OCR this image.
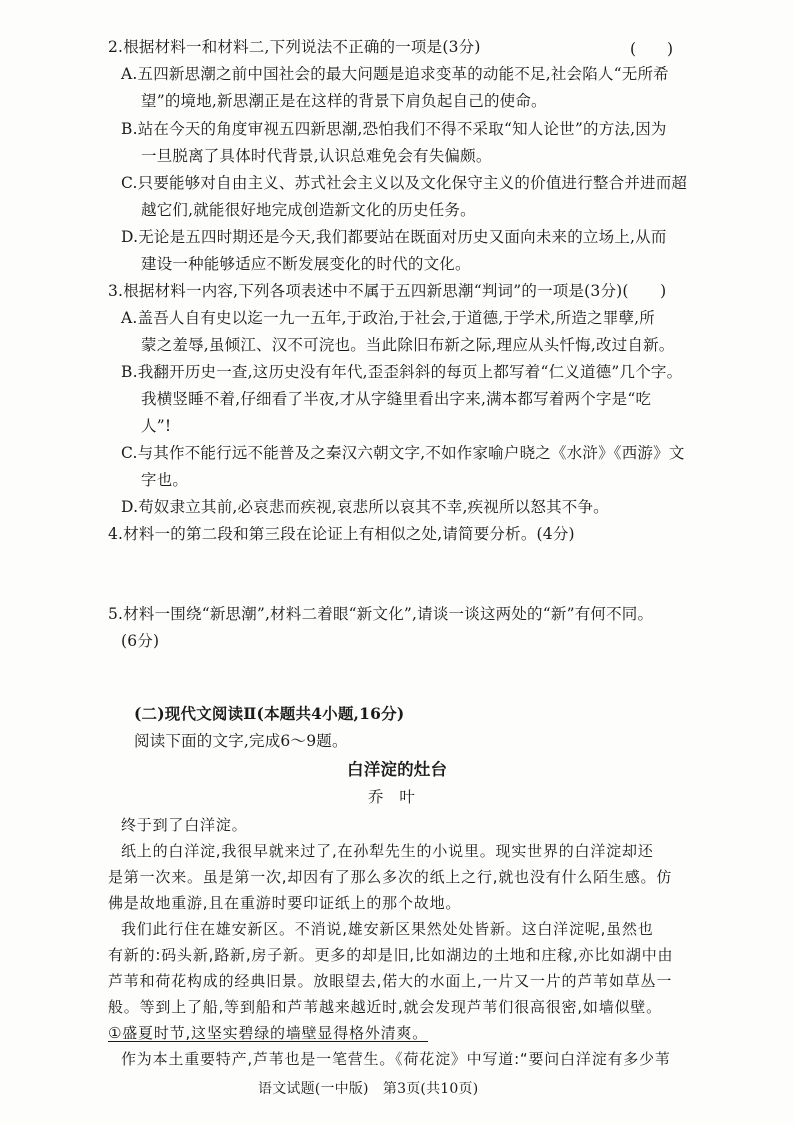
2.根据材料一和材料二,下列说法不正确的一项是(3分)	(　　)
A.五四新思潮之前中国社会的最大问题是追求变革的动能不足,社会陷人“无所希
望”的境地,新思潮正是在这样的背景下肩负起自己的使命。
B.站在今天的角度审视五四新思潮,恐怕我们不得不采取“知人论世”的方法,因为
一旦脱离了具体时代背景,认识总难免会有失偏颇。
C.只要能够对自由主义、苏式社会主义以及文化保守主义的价值进行整合并进而超
越它们,就能很好地完成创造新文化的历史任务。
D.无论是五四时期还是今天,我们都要站在既面对历史又面向未来的立场上,从而
建设一种能够适应不断发展变化的时代的文化。
3.根据材料一内容,下列各项表述中不属于五四新思潮“判词”的一项是(3分)(　　)
A.盖吾人自有史以迄一九一五年,于政治,于社会,于道德,于学术,所造之罪孽,所
蒙之羞辱,虽倾江、汉不可浣也。当此除旧布新之际,理应从头忏悔,改过自新。
B.我翻开历史一查,这历史没有年代,歪歪斜斜的每页上都写着“仁义道德”几个字。
我横竖睡不着,仔细看了半夜,才从字缝里看出字来,满本都写着两个字是“吃
人”!
C.与其作不能行远不能普及之秦汉六朝文字,不如作家喻户晓之《水浒》《西游》文
字也。
D.苟奴隶立其前,必哀悲而疾视,哀悲所以哀其不幸,疾视所以怒其不争。
4.材料一的第二段和第三段在论证上有相似之处,请简要分析。(4分)
5.材料一围绕“新思潮”,材料二着眼“新文化”,请谈一谈这两处的“新”有何不同。
(6分)
(二)现代文阅读Ⅱ(本题共4小题,16分)
阅读下面的文字,完成6～9题。
白洋淀的灶台
乔　叶
终于到了白洋淀。
纸上的白洋淀,我很早就来过了,在孙犁先生的小说里。现实世界的白洋淀却还
是第一次来。虽是第一次,却因有了那么多次的纸上之行,就也没有什么陌生感。仿
佛是故地重游,且在重游时要印证纸上的那个故地。
我们此行住在雄安新区。不消说,雄安新区果然处处皆新。这白洋淀呢,虽然也
有新的:码头新,路新,房子新。更多的却是旧,比如湖边的土地和庄稼,亦比如湖中由
芦苇和荷花构成的经典旧景。放眼望去,偌大的水面上,一片又一片的芦苇如草丛一
般。等到上了船,等到船和芦苇越来越近时,就会发现芦苇们很高很密,如墙似壁。
①盛夏时节,这坚实碧绿的墙壁显得格外清爽。
作为本土重要特产,芦苇也是一笔营生。《荷花淀》中写道:“要问白洋淀有多少苇
语文试题(一中版)　第3页(共10页)
